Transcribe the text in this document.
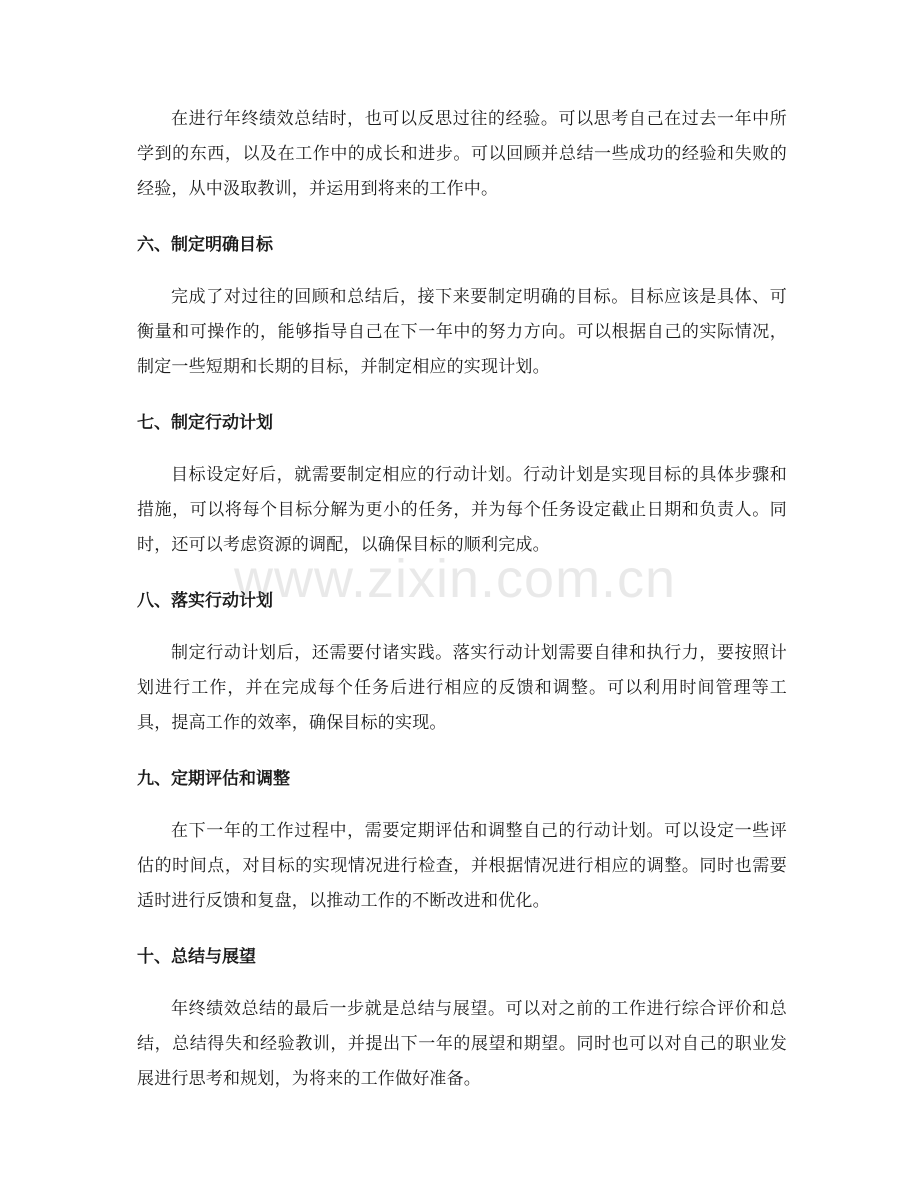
在进行年终绩效总结时，也可以反思过往的经验。可以思考自己在过去一年中所学到的东西，以及在工作中的成长和进步。可以回顾并总结一些成功的经验和失败的经验，从中汲取教训，并运用到将来的工作中。

六、制定明确目标

完成了对过往的回顾和总结后，接下来要制定明确的目标。目标应该是具体、可衡量和可操作的，能够指导自己在下一年中的努力方向。可以根据自己的实际情况，制定一些短期和长期的目标，并制定相应的实现计划。

七、制定行动计划

目标设定好后，就需要制定相应的行动计划。行动计划是实现目标的具体步骤和措施，可以将每个目标分解为更小的任务，并为每个任务设定截止日期和负责人。同时，还可以考虑资源的调配，以确保目标的顺利完成。

八、落实行动计划

制定行动计划后，还需要付诸实践。落实行动计划需要自律和执行力，要按照计划进行工作，并在完成每个任务后进行相应的反馈和调整。可以利用时间管理等工具，提高工作的效率，确保目标的实现。

九、定期评估和调整

在下一年的工作过程中，需要定期评估和调整自己的行动计划。可以设定一些评估的时间点，对目标的实现情况进行检查，并根据情况进行相应的调整。同时也需要适时进行反馈和复盘，以推动工作的不断改进和优化。

十、总结与展望

年终绩效总结的最后一步就是总结与展望。可以对之前的工作进行综合评价和总结，总结得失和经验教训，并提出下一年的展望和期望。同时也可以对自己的职业发展进行思考和规划，为将来的工作做好准备。

www.zixin.com.cn
